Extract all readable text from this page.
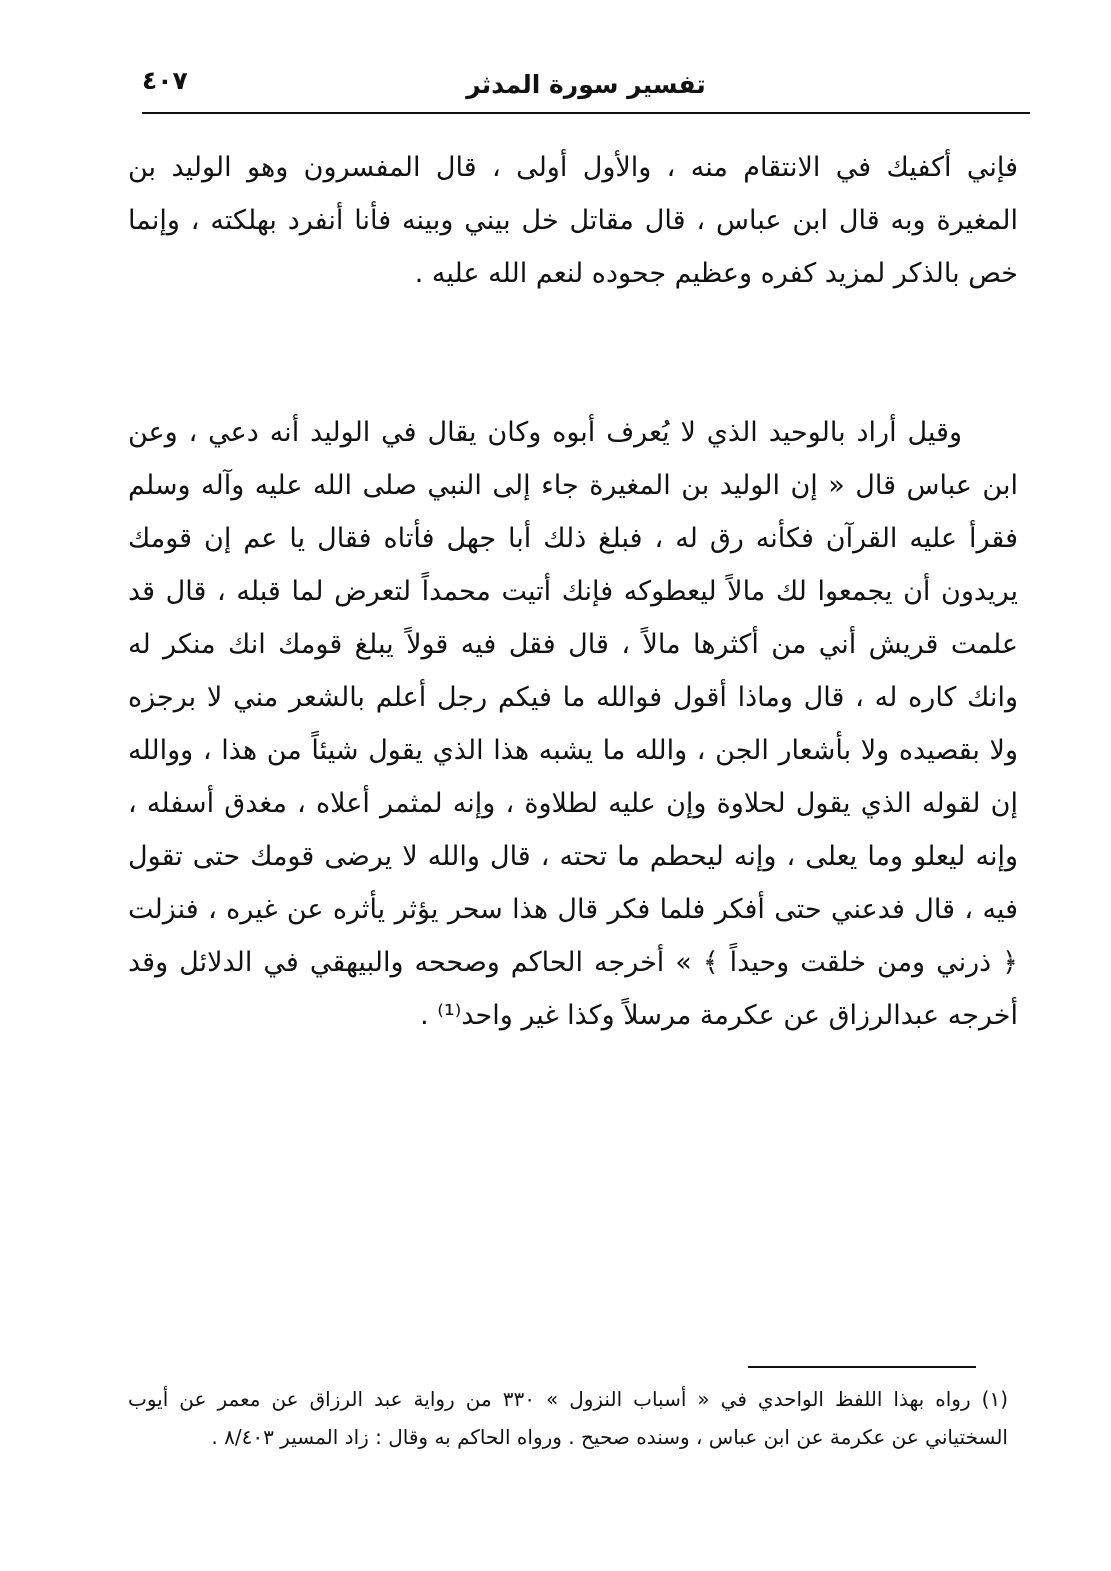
٤٠٧	تفسير سورة المدثر

فإني أكفيك في الانتقام منه ، والأول أولى ، قال المفسرون وهو الوليد بن المغيرة وبه قال ابن عباس ، قال مقاتل خل بيني وبينه فأنا أنفرد بهلكته ، وإنما خص بالذكر لمزيد كفره وعظيم جحوده لنعم الله عليه .

وقيل أراد بالوحيد الذي لا يُعرف أبوه وكان يقال في الوليد أنه دعي ، وعن ابن عباس قال « إن الوليد بن المغيرة جاء إلى النبي صلى الله عليه وآله وسلم فقرأ عليه القرآن فكأنه رق له ، فبلغ ذلك أبا جهل فأتاه فقال يا عم إن قومك يريدون أن يجمعوا لك مالاً ليعطوكه فإنك أتيت محمداً لتعرض لما قبله ، قال قد علمت قريش أني من أكثرها مالاً ، قال فقل فيه قولاً يبلغ قومك انك منكر له وانك كاره له ، قال وماذا أقول فوالله ما فيكم رجل أعلم بالشعر مني لا برجزه ولا بقصيده ولا بأشعار الجن ، والله ما يشبه هذا الذي يقول شيئاً من هذا ، ووالله إن لقوله الذي يقول لحلاوة وإن عليه لطلاوة ، وإنه لمثمر أعلاه ، مغدق أسفله ، وإنه ليعلو وما يعلى ، وإنه ليحطم ما تحته ، قال والله لا يرضى قومك حتى تقول فيه ، قال فدعني حتى أفكر فلما فكر قال هذا سحر يؤثر يأثره عن غيره ، فنزلت ﴿ ذرني ومن خلقت وحيداً ﴾ » أخرجه الحاكم وصححه والبيهقي في الدلائل وقد أخرجه عبدالرزاق عن عكرمة مرسلاً وكذا غير واحد⁽¹⁾ .

(١) رواه بهذا اللفظ الواحدي في « أسباب النزول » ٣٣٠ من رواية عبد الرزاق عن معمر عن أيوب السختياني عن عكرمة عن ابن عباس ، وسنده صحيح . ورواه الحاكم به وقال : زاد المسير ٨/٤٠٣ .
